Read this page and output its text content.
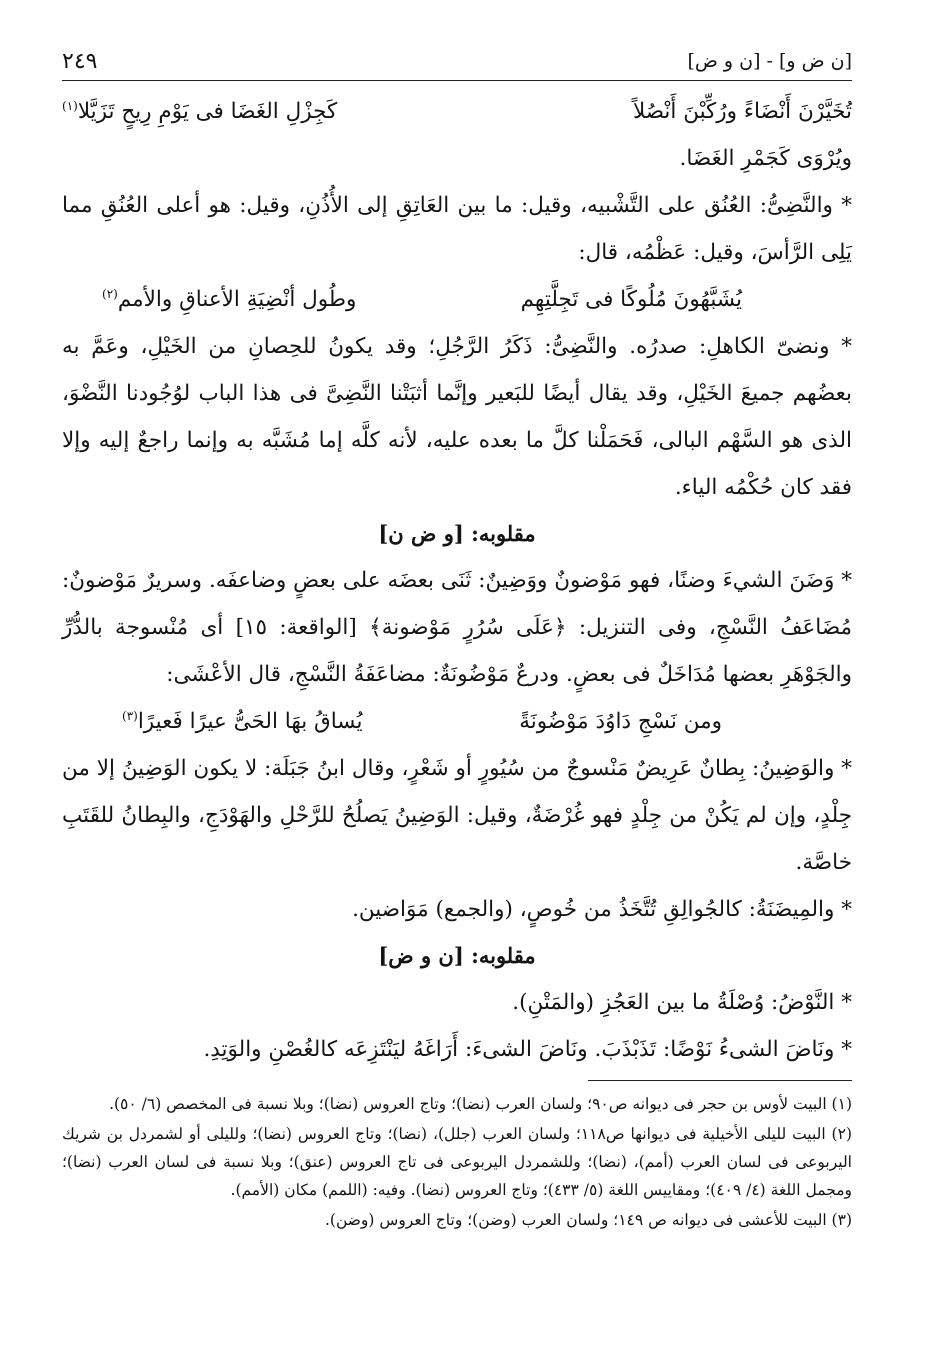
[ن ض و] - [ن و ض]
٢٤٩
تُخَيَّرْنَ أَنْضَاءً ورُكِّبْنَ أَنْصُلاً
كَجِزْلِ الغَضَا فى يَوْمِ رِيحٍ تَزَيَّلا$^{(١)}$

ويُرْوَى كَجَمْرِ الغَضَا.

* والنَّضِىُّ: العُنُق على التَّشْبيه، وقيل: ما بين العَاتِقِ إلى الأُذُنِ، وقيل: هو أعلى العُنُقِ مما يَلِى الرَّأسَ، وقيل: عَظْمُه، قال:

يُشَبَّهُونَ مُلُوكًا فى تَجِلَّتِهِم
وطُول أنْضِيَةِ الأعناقِ والأمم$^{(٢)}$

* ونضىّ الكاهلِ: صدرُه. والنَّضِىُّ: ذَكَرُ الرَّجُلِ؛ وقد يكونُ للحِصانِ من الخَيْلِ، وعَمَّ به بعضُهم جميعَ الخَيْلِ، وقد يقال أيضًا للبَعير وإنَّما أثبَتْنا النَّضِىَّ فى هذا الباب لوُجُودنا النَّضْوَ، الذى هو السَّهْم البالى، فَحَمَلْنا كلَّ ما بعده عليه، لأنه كلَّه إما مُشَبَّه به وإنما راجعٌ إليه وإلا فقد كان حُكْمُه الياء.

مقلوبه: [و ض ن]

* وَضَنَ الشيءَ وضنًا، فهو مَوْضونٌ ووَضِينٌ: ثَنَى بعضَه على بعضٍ وضاعفَه. وسريرٌ مَوْضونٌ: مُضَاعَفُ النَّسْجِ، وفى التنزيل: ﴿عَلَى سُرُرٍ مَوْضونة﴾ [الواقعة: ١٥] أى مُنْسوجة بالدُّرِّ والجَوْهَرِ بعضها مُدَاخَلٌ فى بعضٍ. ودرعٌ مَوْضُونَةٌ: مضاعَفَةُ النَّسْجِ، قال الأعْشَى:

ومن نَسْجِ دَاوُدَ مَوْضُونَةً
يُساقُ بهَا الحَىُّ عيرًا فَعيرًا$^{(٣)}$

* والوَضِينُ: بِطانٌ عَرِيضٌ مَنْسوجٌ من سُيُورٍ أو شَعْرٍ، وقال ابنُ جَبَلَة: لا يكون الوَضِينُ إلا من جِلْدٍ، وإن لم يَكُنْ من جِلْدٍ فهو غُرْضَةٌ، وقيل: الوَضِينُ يَصلُحُ للرَّحْلِ والهَوْدَجِ، والبِطانُ للقَتَبِ خاصَّة.

* والمِيضَنَةُ: كالجُوالِقِ تُتَّخَذُ من خُوصٍ، (والجمع) مَوَاضين.

مقلوبه: [ن و ض]

* النَّوْضُ: وُصْلَةُ ما بين العَجُزِ (والمَتْنِ).

* ونَاضَ الشىءُ نَوْضًا: تَذَبْذَبَ. ونَاضَ الشىءَ: أَرَاغَهُ ليَنْتَزِعَه كالغُصْنِ والوَتِدِ.

(١) البيت لأوس بن حجر فى ديوانه ص٩٠؛ ولسان العرب (نضا)؛ وتاج العروس (نضا)؛ وبلا نسبة فى المخصص (٦/ ٥٠).

(٢) البيت لليلى الأخيلية فى ديوانها ص١١٨؛ ولسان العرب (جلل)، (نضا)؛ وتاج العروس (نضا)؛ ولليلى أو لشمردل بن شريك اليربوعى فى لسان العرب (أمم)، (نضا)؛ وللشمردل اليربوعى فى تاج العروس (عنق)؛ وبلا نسبة فى لسان العرب (نضا)؛ ومجمل اللغة (٤/ ٤٠٩)؛ ومقاييس اللغة (٥/ ٤٣٣)؛ وتاج العروس (نضا). وفيه: (اللمم) مكان (الأمم).

(٣) البيت للأعشى فى ديوانه ص ١٤٩؛ ولسان العرب (وضن)؛ وتاج العروس (وضن).
